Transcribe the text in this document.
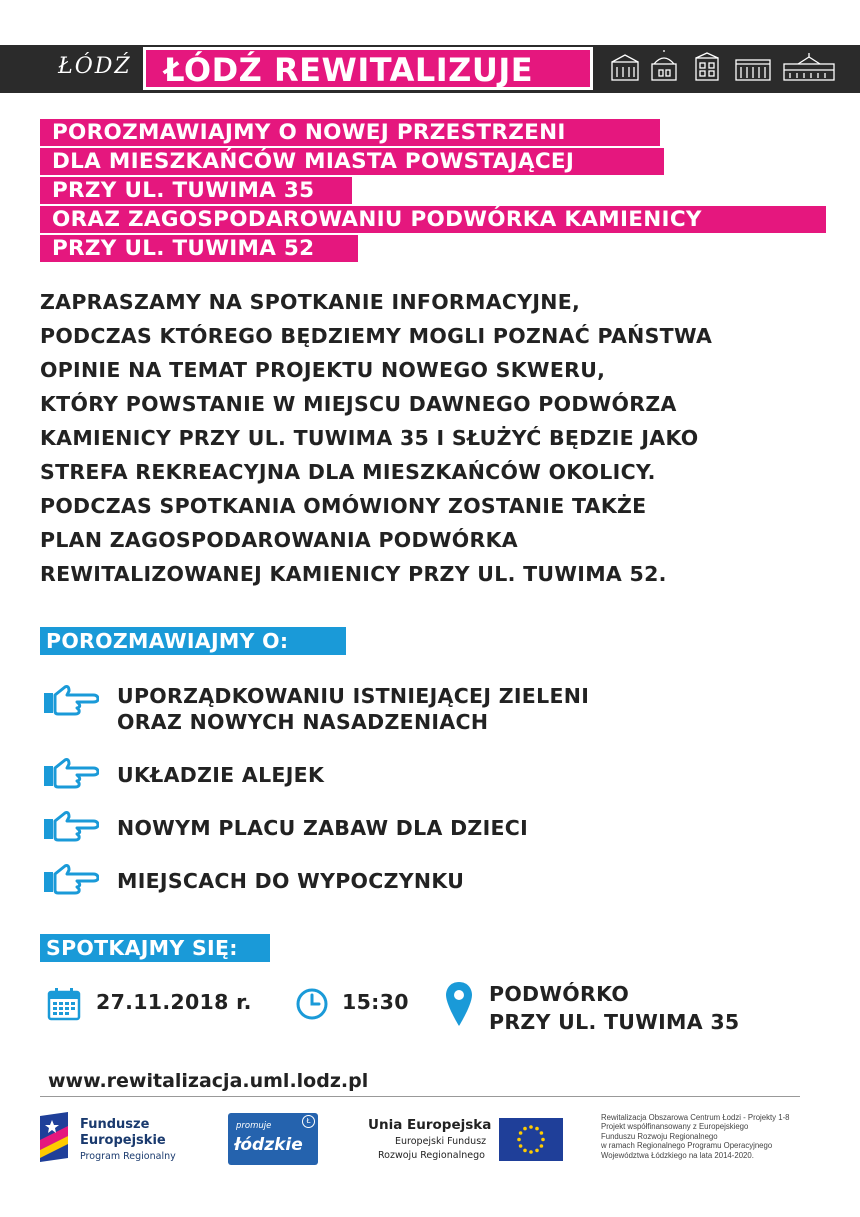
ŁÓDŹ ŁÓDŹ REWITALIZUJE
POROZMAWIAJMY O NOWEJ PRZESTRZENI
DLA MIESZKAŃCÓW MIASTA POWSTAJĄCEJ
PRZY UL. TUWIMA 35
ORAZ ZAGOSPODAROWANIU PODWÓRKA KAMIENICY
PRZY UL. TUWIMA 52
ZAPRASZAMY NA SPOTKANIE INFORMACYJNE,
PODCZAS KTÓREGO BĘDZIEMY MOGLI POZNAĆ PAŃSTWA
OPINIE NA TEMAT PROJEKTU NOWEGO SKWERU,
KTÓRY POWSTANIE W MIEJSCU DAWNEGO PODWÓRZA
KAMIENICY PRZY UL. TUWIMA 35 I SŁUŻYĆ BĘDZIE JAKO
STREFA REKREACYJNA DLA MIESZKAŃCÓW OKOLICY.
PODCZAS SPOTKANIA OMÓWIONY ZOSTANIE TAKŻE
PLAN ZAGOSPODAROWANIA PODWÓRKA
REWITALIZOWANEJ KAMIENICY PRZY UL. TUWIMA 52.
POROZMAWIAJMY O:
UPORZĄDKOWANIU ISTNIEJĄCEJ ZIELENI
ORAZ NOWYCH NASADZENIACH
UKŁADZIE ALEJEK
NOWYM PLACU ZABAW DLA DZIECI
MIEJSCACH DO WYPOCZYNKU
SPOTKAJMY SIĘ:
27.11.2018 r.	15:30	PODWÓRKO
PRZY UL. TUWIMA 35
www.rewitalizacja.uml.lodz.pl
Fundusze
Europejskie
Program Regionalny
promuje
łódzkie
Ł	Unia Europejska
Europejski Fundusz
Rozwoju Regionalnego
Rewitalizacja Obszarowa Centrum Łodzi - Projekty 1-8
Projekt współfinansowany z Europejskiego
Funduszu Rozwoju Regionalnego
w ramach Regionalnego Programu Operacyjnego
Województwa Łódzkiego na lata 2014-2020.
